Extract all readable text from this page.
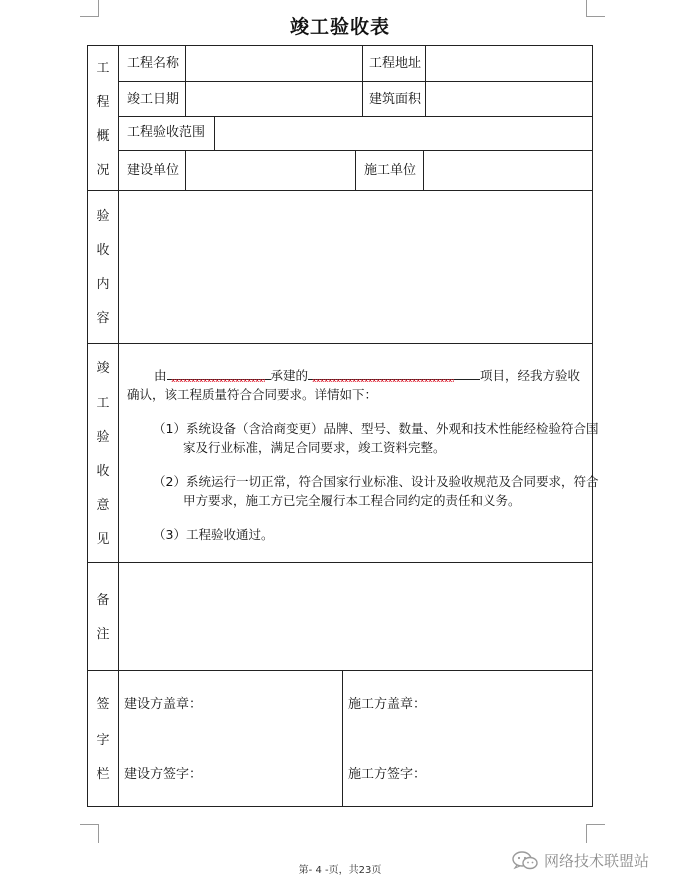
竣工验收表
工
程
概
况
工程名称	工程地址
竣工日期	建筑面积
工程验收范围
建设单位	施工单位
验
收
内
容
竣
工
验
收
意
见
由	承建的	项目，经我方验收
确认，该工程质量符合合同要求。详情如下：
（1）系统设备（含洽商变更）品牌、型号、数量、外观和技术性能经检验符合国
家及行业标准，满足合同要求，竣工资料完整。
（2）系统运行一切正常，符合国家行业标准、设计及验收规范及合同要求，符合
甲方要求，施工方已完全履行本工程合同约定的责任和义务。
（3）工程验收通过。
备
注
签
字
栏
建设方盖章：	施工方盖章：
建设方签字：	施工方签字：
第- 4 -页，共23页
网络技术联盟站
